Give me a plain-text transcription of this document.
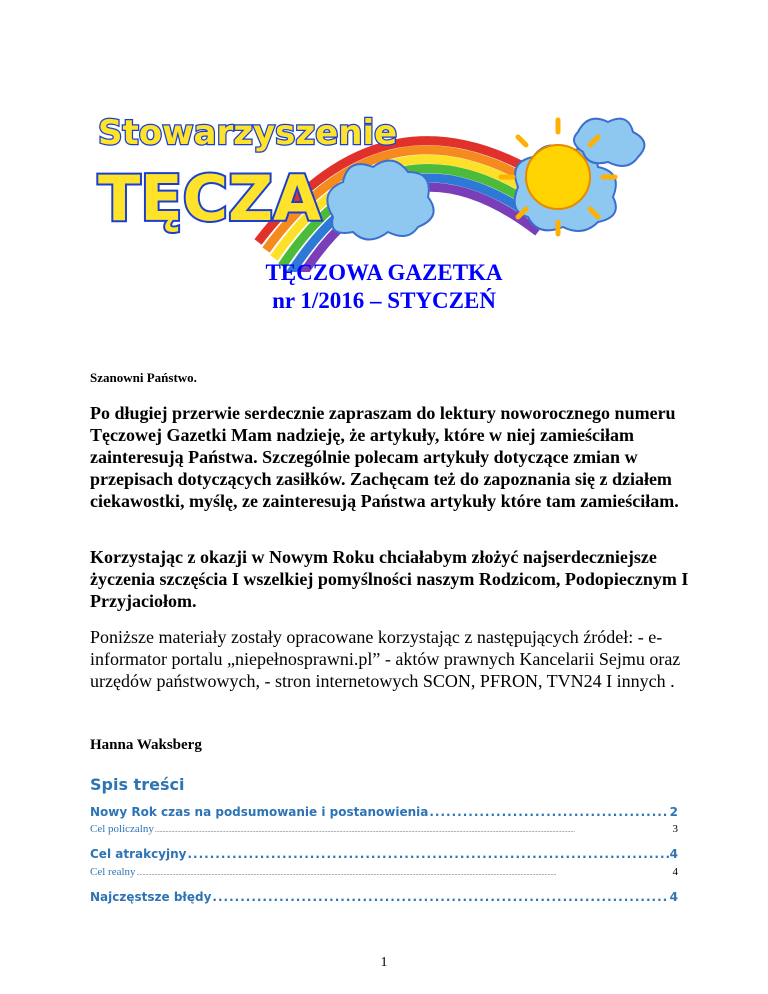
Stowarzyszenie
TĘCZA
TĘCZOWA GAZETKA
nr 1/2016 – STYCZEŃ
Szanowni Państwo.
Po długiej przerwie serdecznie zapraszam do lektury noworocznego numeru Tęczowej Gazetki Mam nadzieję, że artykuły, które w niej zamieściłam zainteresują Państwa. Szczególnie polecam artykuły dotyczące zmian w przepisach dotyczących zasiłków. Zachęcam też do zapoznania się z działem ciekawostki, myślę, ze zainteresują Państwa artykuły które tam zamieściłam.
Korzystając z okazji w Nowym Roku chciałabym złożyć najserdeczniejsze życzenia szczęścia I wszelkiej pomyślności naszym Rodzicom, Podopiecznym I Przyjaciołom.
Poniższe materiały zostały opracowane korzystając z następujących źródeł: - e-informator portalu „niepełnosprawni.pl” - aktów prawnych Kancelarii Sejmu oraz urzędów państwowych, - stron internetowych SCON, PFRON, TVN24 I innych .
Hanna Waksberg
Spis treści
Nowy Rok czas na podsumowanie i postanowienia .....	2
Cel policzalny .....	3
Cel atrakcyjny .....	4
Cel realny .....	4
Najczęstsze błędy .....	4
1
